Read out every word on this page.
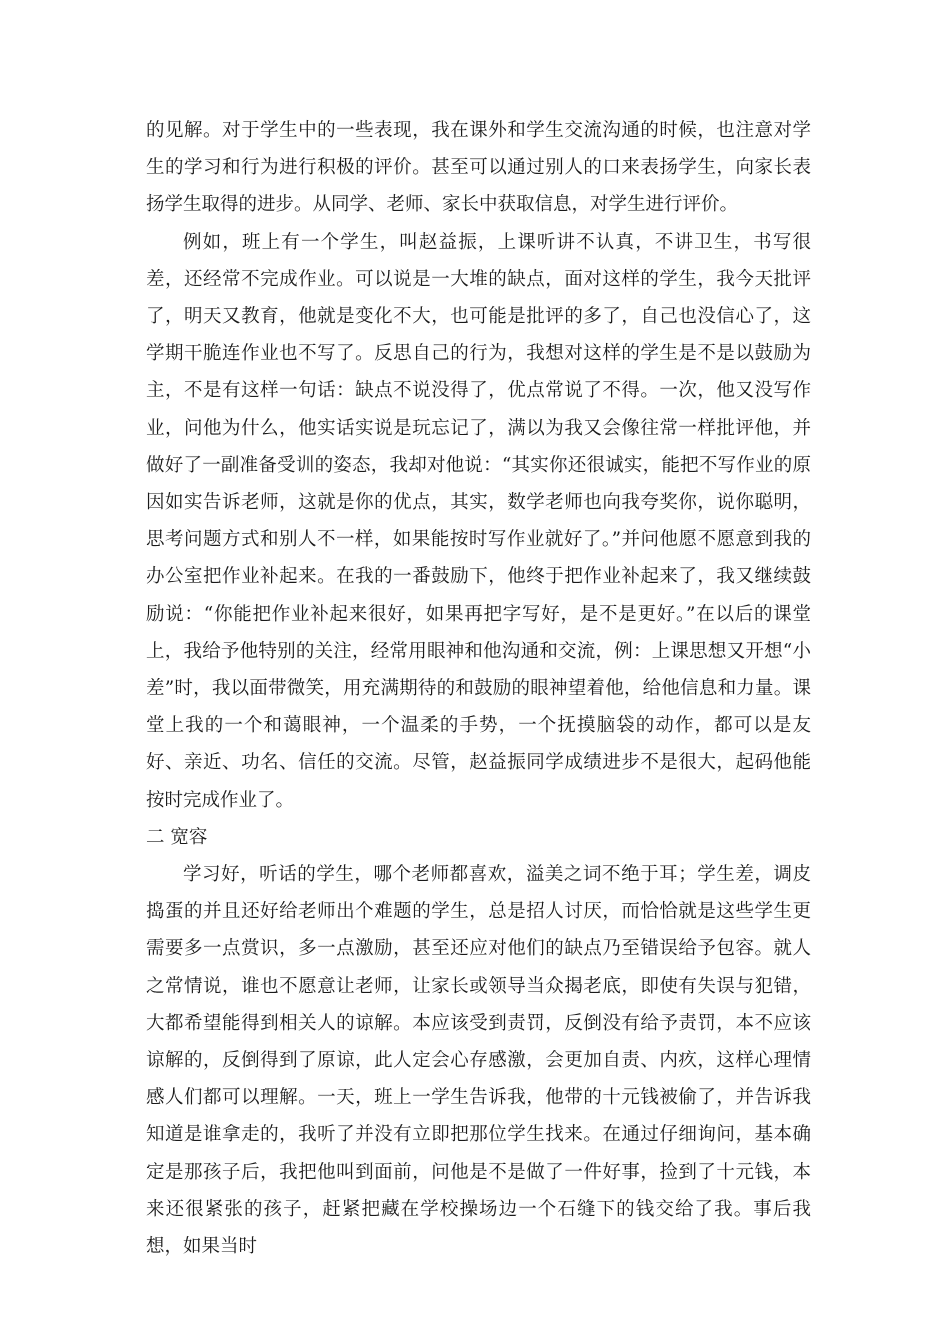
的见解。对于学生中的一些表现，我在课外和学生交流沟通的时候，也注意对学生的学习和行为进行积极的评价。甚至可以通过别人的口来表扬学生，向家长表扬学生取得的进步。从同学、老师、家长中获取信息，对学生进行评价。

例如，班上有一个学生，叫赵益振，上课听讲不认真，不讲卫生，书写很差，还经常不完成作业。可以说是一大堆的缺点，面对这样的学生，我今天批评了，明天又教育，他就是变化不大，也可能是批评的多了，自己也没信心了，这学期干脆连作业也不写了。反思自己的行为，我想对这样的学生是不是以鼓励为主，不是有这样一句话：缺点不说没得了，优点常说了不得。一次，他又没写作业，问他为什么，他实话实说是玩忘记了，满以为我又会像往常一样批评他，并做好了一副准备受训的姿态，我却对他说：“其实你还很诚实，能把不写作业的原因如实告诉老师，这就是你的优点，其实，数学老师也向我夸奖你，说你聪明，思考问题方式和别人不一样，如果能按时写作业就好了。”并问他愿不愿意到我的办公室把作业补起来。在我的一番鼓励下，他终于把作业补起来了，我又继续鼓励说：“你能把作业补起来很好，如果再把字写好，是不是更好。”在以后的课堂上，我给予他特别的关注，经常用眼神和他沟通和交流，例：上课思想又开想“小差”时，我以面带微笑，用充满期待的和鼓励的眼神望着他，给他信息和力量。课堂上我的一个和蔼眼神，一个温柔的手势，一个抚摸脑袋的动作，都可以是友好、亲近、功名、信任的交流。尽管，赵益振同学成绩进步不是很大，起码他能按时完成作业了。

二 宽容

学习好，听话的学生，哪个老师都喜欢，溢美之词不绝于耳；学生差，调皮捣蛋的并且还好给老师出个难题的学生，总是招人讨厌，而恰恰就是这些学生更需要多一点赏识，多一点激励，甚至还应对他们的缺点乃至错误给予包容。就人之常情说，谁也不愿意让老师，让家长或领导当众揭老底，即使有失误与犯错，大都希望能得到相关人的谅解。本应该受到责罚，反倒没有给予责罚，本不应该谅解的，反倒得到了原谅，此人定会心存感激，会更加自责、内疚，这样心理情感人们都可以理解。一天，班上一学生告诉我，他带的十元钱被偷了，并告诉我知道是谁拿走的，我听了并没有立即把那位学生找来。在通过仔细询问，基本确定是那孩子后，我把他叫到面前，问他是不是做了一件好事，捡到了十元钱，本来还很紧张的孩子，赶紧把藏在学校操场边一个石缝下的钱交给了我。事后我想，如果当时
